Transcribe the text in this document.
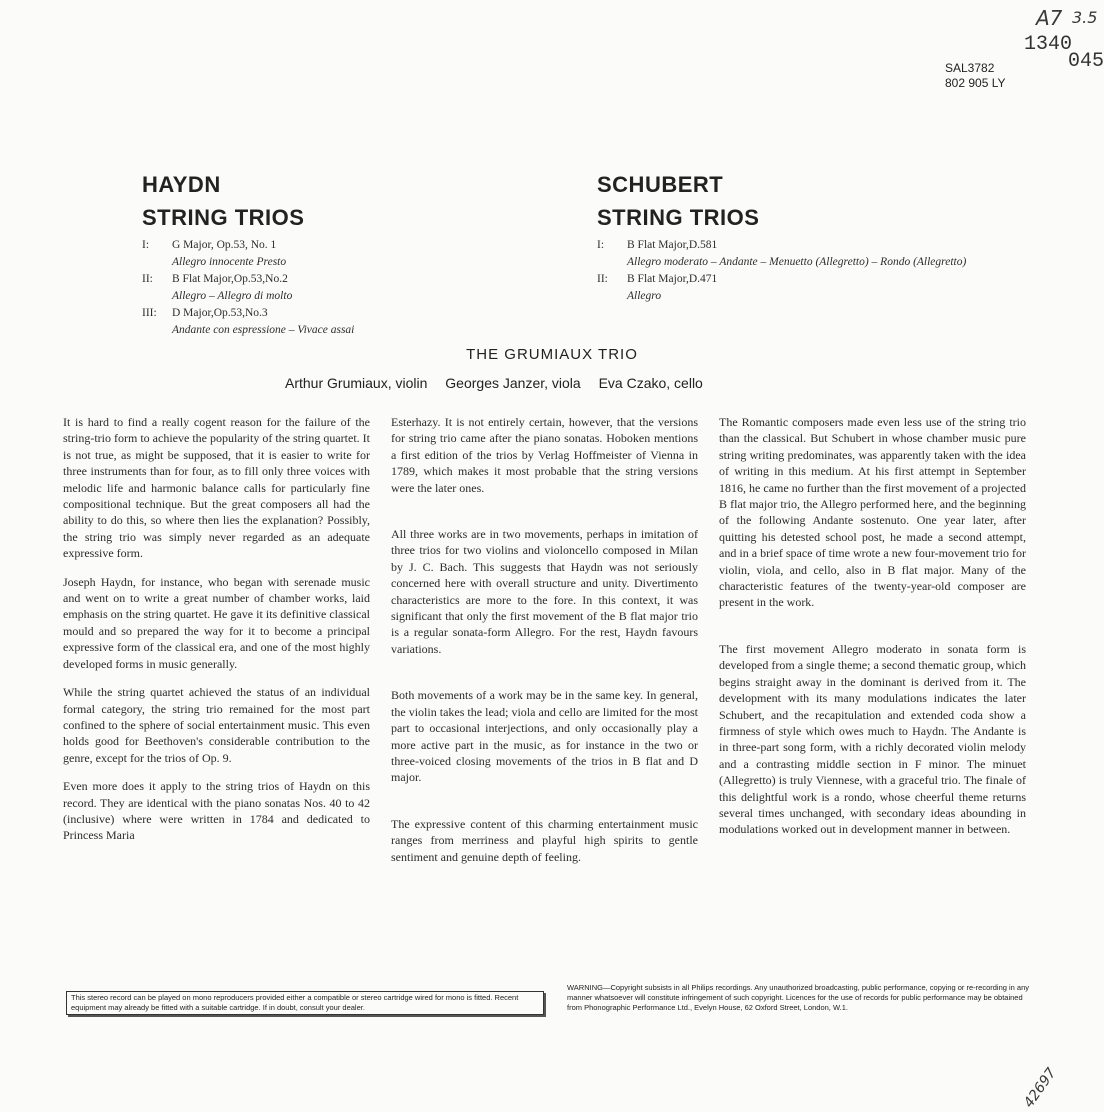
A7 3.5
1340
045
SAL3782
802 905 LY
HAYDN
STRING TRIOS
SCHUBERT
STRING TRIOS
I: G Major, Op.53, No. 1
Allegro innocente Presto
II: B Flat Major,Op.53,No.2
Allegro – Allegro di molto
III: D Major,Op.53,No.3
Andante con espressione – Vivace assai
I: B Flat Major,D.581
Allegro moderato – Andante – Menuetto (Allegretto) – Rondo (Allegretto)
II: B Flat Major,D.471
Allegro
THE GRUMIAUX TRIO
Arthur Grumiaux, violin Georges Janzer, viola Eva Czako, cello

It is hard to find a really cogent reason for the failure of the string-trio form to achieve the popularity of the string quartet. It is not true, as might be supposed, that it is easier to write for three instruments than for four, as to fill only three voices with melodic life and harmonic balance calls for particularly fine compositional technique. But the great composers all had the ability to do this, so where then lies the explanation? Possibly, the string trio was simply never regarded as an adequate expressive form.

Joseph Haydn, for instance, who began with serenade music and went on to write a great number of chamber works, laid emphasis on the string quartet. He gave it its definitive classical mould and so prepared the way for it to become a principal expressive form of the classical era, and one of the most highly developed forms in music generally.

While the string quartet achieved the status of an individual formal category, the string trio remained for the most part confined to the sphere of social entertainment music. This even holds good for Beethoven's considerable contribution to the genre, except for the trios of Op. 9.

Even more does it apply to the string trios of Haydn on this record. They are identical with the piano sonatas Nos. 40 to 42 (inclusive) where were written in 1784 and dedicated to Princess Maria

Esterhazy. It is not entirely certain, however, that the versions for string trio came after the piano sonatas. Hoboken mentions a first edition of the trios by Verlag Hoffmeister of Vienna in 1789, which makes it most probable that the string versions were the later ones.

All three works are in two movements, perhaps in imitation of three trios for two violins and violoncello composed in Milan by J. C. Bach. This suggests that Haydn was not seriously concerned here with overall structure and unity. Divertimento characteristics are more to the fore. In this context, it was significant that only the first movement of the B flat major trio is a regular sonata-form Allegro. For the rest, Haydn favours variations.

Both movements of a work may be in the same key. In general, the violin takes the lead; viola and cello are limited for the most part to occasional interjections, and only occasionally play a more active part in the music, as for instance in the two or three-voiced closing movements of the trios in B flat and D major.

The expressive content of this charming entertainment music ranges from merriness and playful high spirits to gentle sentiment and genuine depth of feeling.

The Romantic composers made even less use of the string trio than the classical. But Schubert in whose chamber music pure string writing predominates, was apparently taken with the idea of writing in this medium. At his first attempt in September 1816, he came no further than the first movement of a projected B flat major trio, the Allegro performed here, and the beginning of the following Andante sostenuto. One year later, after quitting his detested school post, he made a second attempt, and in a brief space of time wrote a new four-movement trio for violin, viola, and cello, also in B flat major. Many of the characteristic features of the twenty-year-old composer are present in the work.

The first movement Allegro moderato in sonata form is developed from a single theme; a second thematic group, which begins straight away in the dominant is derived from it. The development with its many modulations indicates the later Schubert, and the recapitulation and extended coda show a firmness of style which owes much to Haydn. The Andante is in three-part song form, with a richly decorated violin melody and a contrasting middle section in F minor. The minuet (Allegretto) is truly Viennese, with a graceful trio. The finale of this delightful work is a rondo, whose cheerful theme returns several times unchanged, with secondary ideas abounding in modulations worked out in development manner in between.

This stereo record can be played on mono reproducers provided either a compatible or stereo cartridge wired for mono is fitted. Recent equipment may already be fitted with a suitable cartridge. If in doubt, consult your dealer.
WARNING—Copyright subsists in all Philips recordings. Any unauthorized broadcasting, public performance, copying or re-recording in any manner whatsoever will constitute infringement of such copyright. Licences for the use of records for public performance may be obtained from Phonographic Performance Ltd., Evelyn House, 62 Oxford Street, London, W.1.
42697
